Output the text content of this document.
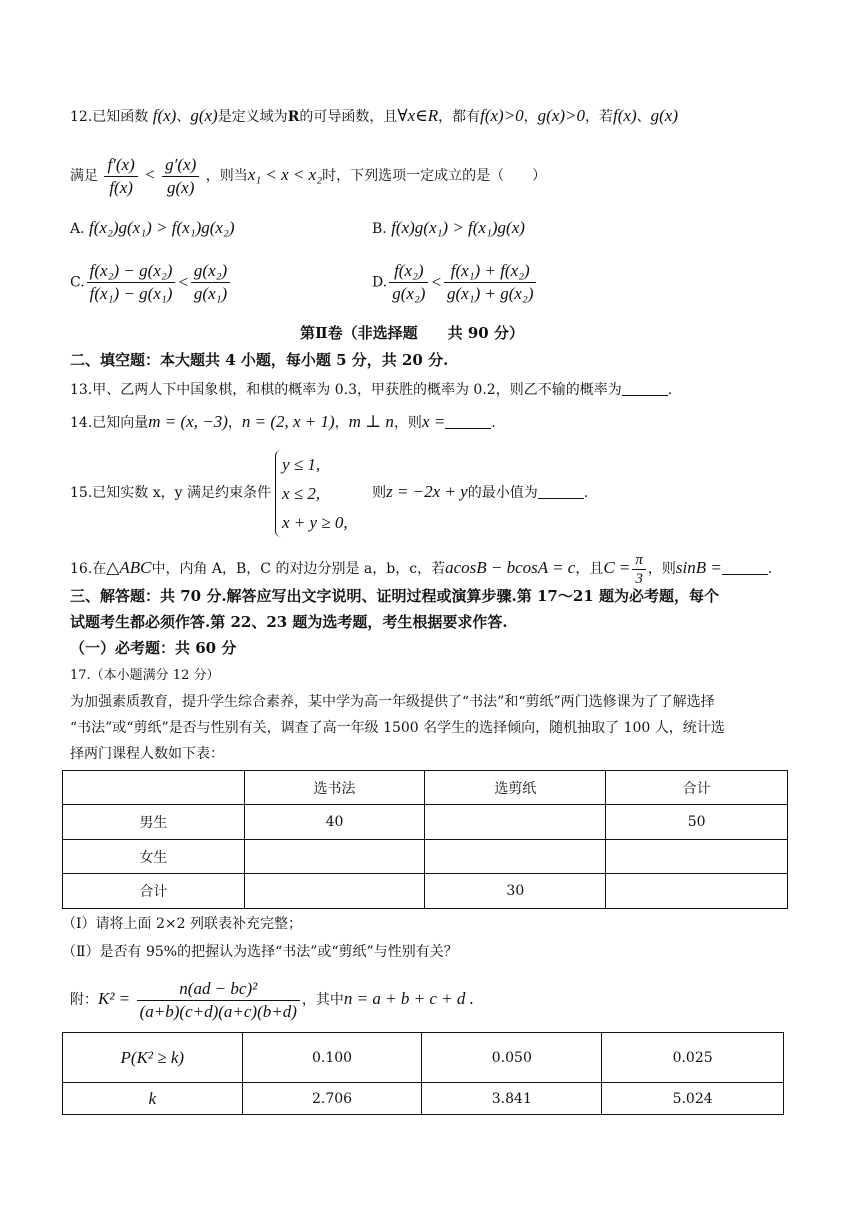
12.已知函数 f(x)、g(x)是定义域为R的可导函数，且∀x∈R，都有f(x)>0，g(x)>0，若f(x)、g(x)
满足 $\frac{f'(x)}{f(x)} < \frac{g'(x)}{g(x)}$ ，则当x₁ < x < x₂时，下列选项一定成立的是（　　）
A. f(x₂)g(x₁) > f(x₁)g(x₂)	B. f(x)g(x₁) > f(x₁)g(x)
C. $\frac{\text{f(x₂) − g(x₂)}}{\text{f(x₁) − g(x₁)}} < \frac{\text{g(x₂)}}{\text{g(x₁)}}$	D. $\frac{\text{f(x₂)}}{\text{g(x₂)}} < \frac{\text{f(x₁) + f(x₂)}}{\text{g(x₁) + g(x₂)}}$
第Ⅱ卷（非选择题　　共 90 分）
二、填空题：本大题共 4 小题，每小题 5 分，共 20 分.
13.甲、乙两人下中国象棋，和棋的概率为 0.3，甲获胜的概率为 0.2，则乙不输的概率为	.
14.已知向量m = (x, −3)，n = (2, x + 1)，m ⊥ n，则x =	.
15.已知实数 x，y 满足约束条件
y ≤ 1,
x ≤ 2,
x + y ≥ 0,
则z = −2x + y的最小值为	.
16.在△ABC中，内角 A，B，C 的对边分别是 a，b，c，若acosB − bcosA = c，且$C = \frac{\pi}{3}$ ，则sinB =	.
三、解答题：共 70 分.解答应写出文字说明、证明过程或演算步骤.第 17～21 题为必考题，每个
试题考生都必须作答.第 22、23 题为选考题，考生根据要求作答.
（一）必考题：共 60 分
17.（本小题满分 12 分）
为加强素质教育，提升学生综合素养，某中学为高一年级提供了“书法”和“剪纸”两门选修课为了了解选择
“书法”或“剪纸”是否与性别有关，调查了高一年级 1500 名学生的选择倾向，随机抽取了 100 人，统计选
择两门课程人数如下表：
	选书法	选剪纸	合计
男生	40		50
女生			
合计		30	
（Ⅰ）请将上面 2×2 列联表补充完整；
（Ⅱ）是否有 95%的把握认为选择“书法”或“剪纸”与性别有关？
附：$K^2 = \frac{\text{n(ad − bc)²}}{(a+b)(c+d)(a+c)(b+d)}$ ，其中n = a + b + c + d .
P(K² ≥ k)	0.100	0.050	0.025
k	2.706	3.841	5.024
